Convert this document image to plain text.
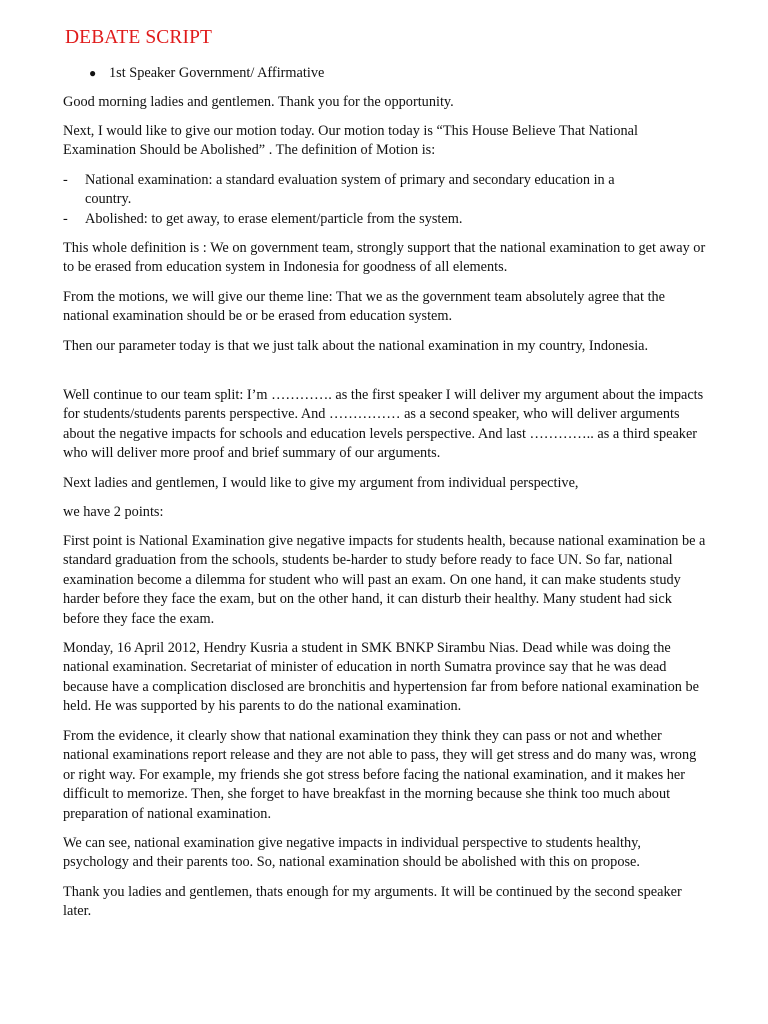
DEBATE SCRIPT
● 1st Speaker Government/ Affirmative

Good morning ladies and gentlemen. Thank you for the opportunity.

Next, I would like to give our motion today. Our motion today is “This House Believe That National Examination Should be Abolished” . The definition of Motion is:

- National examination: a standard evaluation system of primary and secondary education in a country.
- Abolished: to get away, to erase element/particle from the system.

This whole definition is : We on government team, strongly support that the national examination to get away or to be erased from education system in Indonesia for goodness of all elements.

From the motions, we will give our theme line: That we as the government team absolutely agree that the national examination should be or be erased from education system.

Then our parameter today is that we just talk about the national examination in my country, Indonesia.

Well continue to our team split: I’m …………. as the first speaker I will deliver my argument about the impacts for students/students parents perspective. And …………… as a second speaker, who will deliver arguments about the negative impacts for schools and education levels perspective. And last ………….. as a third speaker who will deliver more proof and brief summary of our arguments.

Next ladies and gentlemen, I would like to give my argument from individual perspective,

we have 2 points:

First point is National Examination give negative impacts for students health, because national examination be a standard graduation from the schools, students be-harder to study before ready to face UN. So far, national examination become a dilemma for student who will past an exam. On one hand, it can make students study harder before they face the exam, but on the other hand, it can disturb their healthy. Many student had sick before they face the exam.

Monday, 16 April 2012, Hendry Kusria a student in SMK BNKP Sirambu Nias. Dead while was doing the national examination. Secretariat of minister of education in north Sumatra province say that he was dead because have a complication disclosed are bronchitis and hypertension far from before national examination be held. He was supported by his parents to do the national examination.

From the evidence, it clearly show that national examination they think they can pass or not and whether national examinations report release and they are not able to pass, they will get stress and do many was, wrong or right way. For example, my friends she got stress before facing the national examination, and it makes her difficult to memorize. Then, she forget to have breakfast in the morning because she think too much about preparation of national examination.

We can see, national examination give negative impacts in individual perspective to students healthy, psychology and their parents too. So, national examination should be abolished with this on propose.

Thank you ladies and gentlemen, thats enough for my arguments. It will be continued by the second speaker later.
